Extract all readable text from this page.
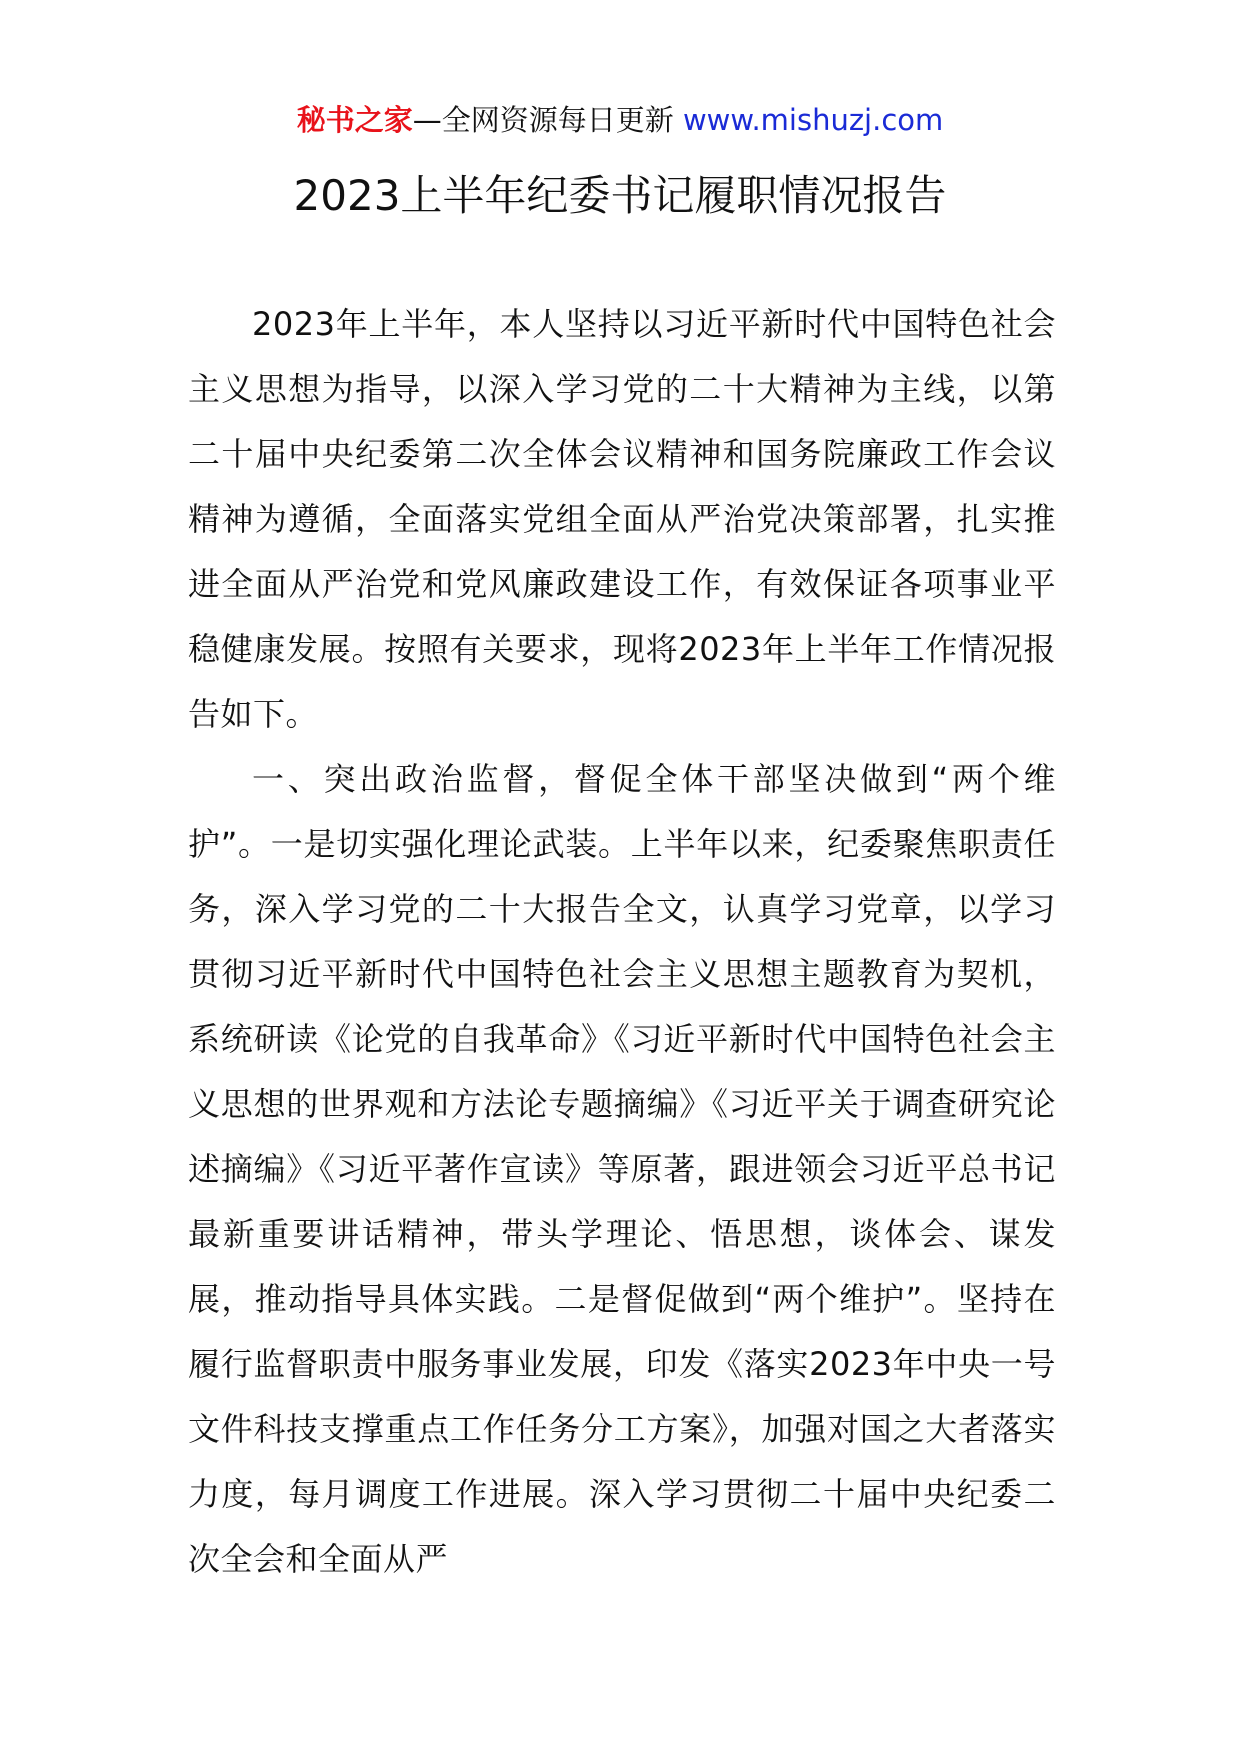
秘书之家—全网资源每日更新 www.mishuzj.com
2023上半年纪委书记履职情况报告

2023年上半年，本人坚持以习近平新时代中国特色社会主义思想为指导，以深入学习党的二十大精神为主线，以第二十届中央纪委第二次全体会议精神和国务院廉政工作会议精神为遵循，全面落实党组全面从严治党决策部署，扎实推进全面从严治党和党风廉政建设工作，有效保证各项事业平稳健康发展。按照有关要求，现将2023年上半年工作情况报告如下。

一、突出政治监督，督促全体干部坚决做到“两个维护”。一是切实强化理论武装。上半年以来，纪委聚焦职责任务，深入学习党的二十大报告全文，认真学习党章，以学习贯彻习近平新时代中国特色社会主义思想主题教育为契机，系统研读《论党的自我革命》《习近平新时代中国特色社会主义思想的世界观和方法论专题摘编》《习近平关于调查研究论述摘编》《习近平著作宣读》等原著，跟进领会习近平总书记最新重要讲话精神，带头学理论、悟思想，谈体会、谋发展，推动指导具体实践。二是督促做到“两个维护”。坚持在履行监督职责中服务事业发展，印发《落实2023年中央一号文件科技支撑重点工作任务分工方案》，加强对国之大者落实力度，每月调度工作进展。深入学习贯彻二十届中央纪委二次全会和全面从严
